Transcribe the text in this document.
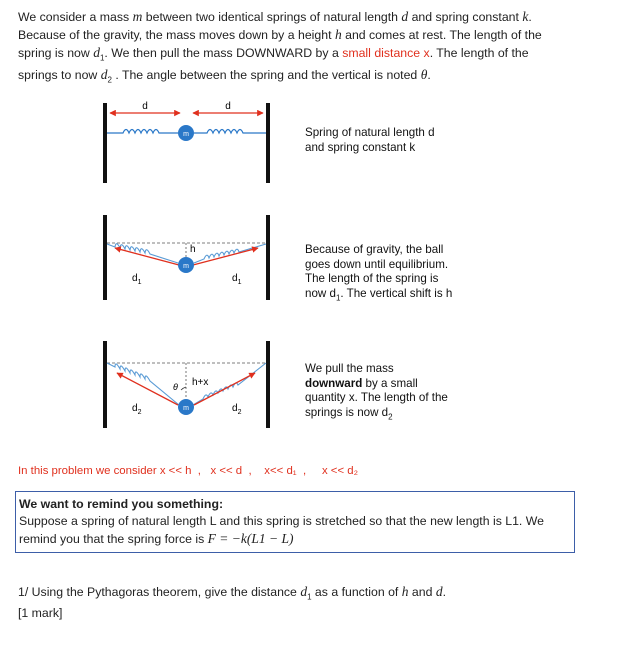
We consider a mass m between two identical springs of natural length d and spring constant k.

Because of the gravity, the mass moves down by a height h and comes at rest. The length of the

spring is now $d_1$. We then pull the mass DOWNWARD by a small distance x. The length of the

springs to now $d_2$ . The angle between the spring and the vertical is noted θ.

d	d
m	Spring of natural length d
and spring constant k
h
m
$d_1$	$d_1$
Because of gravity, the ball
goes down until equilibrium.
The length of the spring is
now $d_1$. The vertical shift is h
θ h+x
m
$d_2$	$d_2$
We pull the mass
downward by a small
quantity x. The length of the
springs is now $d_2$
In this problem we consider x << h  ,   x << d  ,    x<< d₁  ,     x << d₂
We want to remind you something:
Suppose a spring of natural length L and this spring is stretched so that the new length is L1. We
remind you that the spring force is F = −k(L1 − L)
1/ Using the Pythagoras theorem, give the distance $d_1$ as a function of h and d.
[1 mark]
